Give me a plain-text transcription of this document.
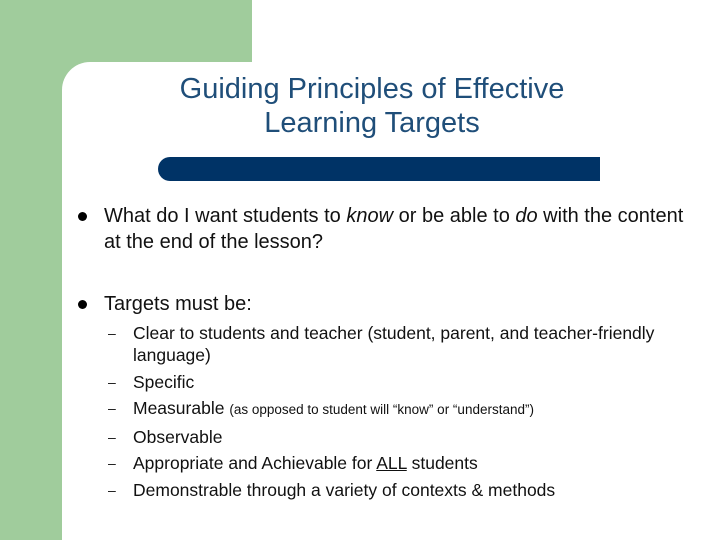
Guiding Principles of Effective
Learning Targets
What do I want students to know or be able to do with the content at the end of the lesson?
Targets must be:
– Clear to students and teacher (student, parent, and teacher-friendly language)
– Specific
– Measurable (as opposed to student will “know” or “understand”)
– Observable
– Appropriate and Achievable for ALL students
– Demonstrable through a variety of contexts & methods
